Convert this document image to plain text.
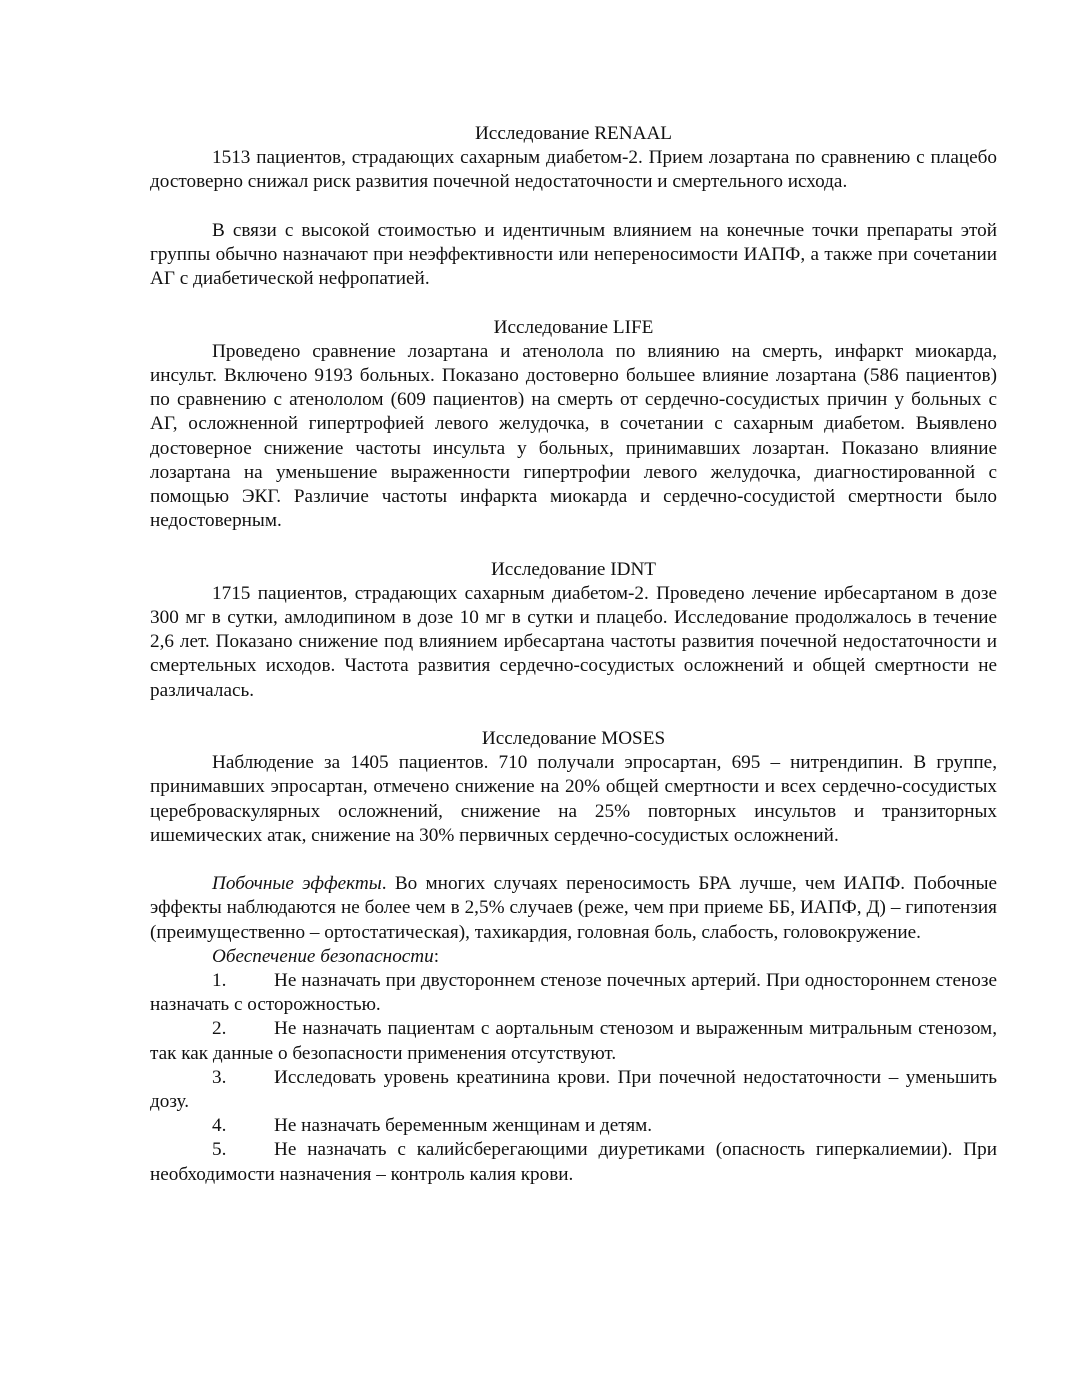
Исследование RENAAL

1513 пациентов, страдающих сахарным диабетом-2. Прием лозартана по сравнению с плацебо достоверно снижал риск развития почечной недостаточности и смертельного исхода.

В связи с высокой стоимостью и идентичным влиянием на конечные точки препараты этой группы обычно назначают при неэффективности или непереносимости ИАПФ, а также при сочетании АГ с диабетической нефропатией.

Исследование LIFE

Проведено сравнение лозартана и атенолола по влиянию на смерть, инфаркт миокарда, инсульт. Включено 9193 больных. Показано достоверно большее влияние лозартана (586 пациентов) по сравнению с атенололом (609 пациентов) на смерть от сердечно-сосудистых причин у больных с АГ, осложненной гипертрофией левого желудочка, в сочетании с сахарным диабетом. Выявлено достоверное снижение частоты инсульта у больных, принимавших лозартан. Показано влияние лозартана на уменьшение выраженности гипертрофии левого желудочка, диагностированной с помощью ЭКГ. Различие частоты инфаркта миокарда и сердечно-сосудистой смертности было недостоверным.

Исследование IDNT

1715 пациентов, страдающих сахарным диабетом-2. Проведено лечение ирбесартаном в дозе 300 мг в сутки, амлодипином в дозе 10 мг в сутки и плацебо. Исследование продолжалось в течение 2,6 лет. Показано снижение под влиянием ирбесартана частоты развития почечной недостаточности и смертельных исходов. Частота развития сердечно-сосудистых осложнений и общей смертности не различалась.

Исследование MOSES

Наблюдение за 1405 пациентов. 710 получали эпросартан, 695 – нитрендипин. В группе, принимавших эпросартан, отмечено снижение на 20% общей смертности и всех сердечно-сосудистых цереброваскулярных осложнений, снижение на 25% повторных инсультов и транзиторных ишемических атак, снижение на 30% первичных сердечно-сосудистых осложнений.

Побочные эффекты. Во многих случаях переносимость БРА лучше, чем ИАПФ. Побочные эффекты наблюдаются не более чем в 2,5% случаев (реже, чем при приеме ББ, ИАПФ, Д) – гипотензия (преимущественно – ортостатическая), тахикардия, головная боль, слабость, головокружение.

Обеспечение безопасности:

1. Не назначать при двустороннем стенозе почечных артерий. При одностороннем стенозе назначать с осторожностью.

2. Не назначать пациентам с аортальным стенозом и выраженным митральным стенозом, так как данные о безопасности применения отсутствуют.

3. Исследовать уровень креатинина крови. При почечной недостаточности – уменьшить дозу.

4. Не назначать беременным женщинам и детям.

5. Не назначать с калийсберегающими диуретиками (опасность гиперкалиемии). При необходимости назначения – контроль калия крови.
